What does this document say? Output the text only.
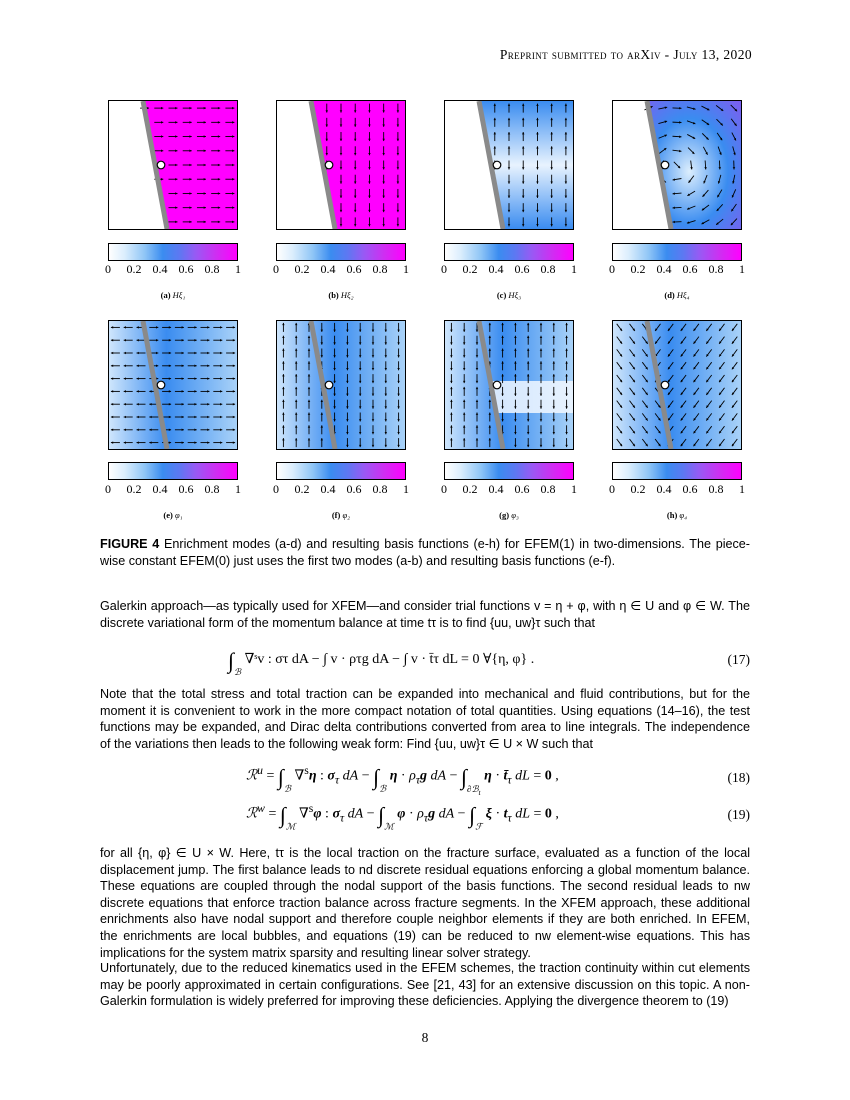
Preprint submitted to arXiv - July 13, 2020
0 0.2 0.4 0.6 0.8 1	0 0.2 0.4 0.6 0.8 1	0 0.2 0.4 0.6 0.8 1	0 0.2 0.4 0.6 0.8 1
(a) Hξ₁	(b) Hξ₂	(c) Hξ₃	(d) Hξ₄
0 0.2 0.4 0.6 0.8 1	0 0.2 0.4 0.6 0.8 1	0 0.2 0.4 0.6 0.8 1	0 0.2 0.4 0.6 0.8 1
(e) φ₁	(f) φ₂	(g) φ₃	(h) φ₄
FIGURE 4 Enrichment modes (a-d) and resulting basis functions (e-h) for EFEM(1) in two-dimensions. The piece-wise constant EFEM(0) just uses the first two modes (a-b) and resulting basis functions (e-f).
Galerkin approach—as typically used for XFEM—and consider trial functions v = η + φ, with η ∈ U and φ ∈ W. The discrete variational form of the momentum balance at time tτ is to find {uu, uw}τ such that
$\int_ℬ$ ∇ˢv : στ dA − ∫ v · ρτg dA − ∫ v · t̄τ dL = 0 ∀{η, φ} .	(17)
Note that the total stress and total traction can be expanded into mechanical and fluid contributions, but for the moment it is convenient to work in the more compact notation of total quantities. Using equations (14–16), the test functions may be expanded, and Dirac delta contributions converted from area to line integrals. The independence of the variations then leads to the following weak form: Find {uu, uw}τ ∈ U × W such that
ℛ$^u$ = $\int_ℬ$ ∇$^s$η : $\sigma_\tau$ dA − $\int_ℬ$ $\eta \cdot \rho_\tau g$ dA − $\int_{\partial ℬ_t}$ $\eta \cdot t̄_\tau$ dL = 0 ,	(18)
ℛ$^w$ = $\int_ℳ$ ∇$^s$φ : $\sigma_\tau$ dA − $\int_ℳ$ $\varphi \cdot \rho_\tau g$ dA − $\int_ℱ$ $\xi \cdot t_\tau$ dL = 0 ,	(19)
for all {η, φ} ∈ U × W. Here, tτ is the local traction on the fracture surface, evaluated as a function of the local displacement jump. The first balance leads to nd discrete residual equations enforcing a global momentum balance. These equations are coupled through the nodal support of the basis functions. The second residual leads to nw discrete equations that enforce traction balance across fracture segments. In the XFEM approach, these additional enrichments also have nodal support and therefore couple neighbor elements if they are both enriched. In EFEM, the enrichments are local bubbles, and equations (19) can be reduced to nw element-wise equations. This has implications for the system matrix sparsity and resulting linear solver strategy.
Unfortunately, due to the reduced kinematics used in the EFEM schemes, the traction continuity within cut elements may be poorly approximated in certain configurations. See [21, 43] for an extensive discussion on this topic. A non-Galerkin formulation is widely preferred for improving these deficiencies. Applying the divergence theorem to (19)
8
